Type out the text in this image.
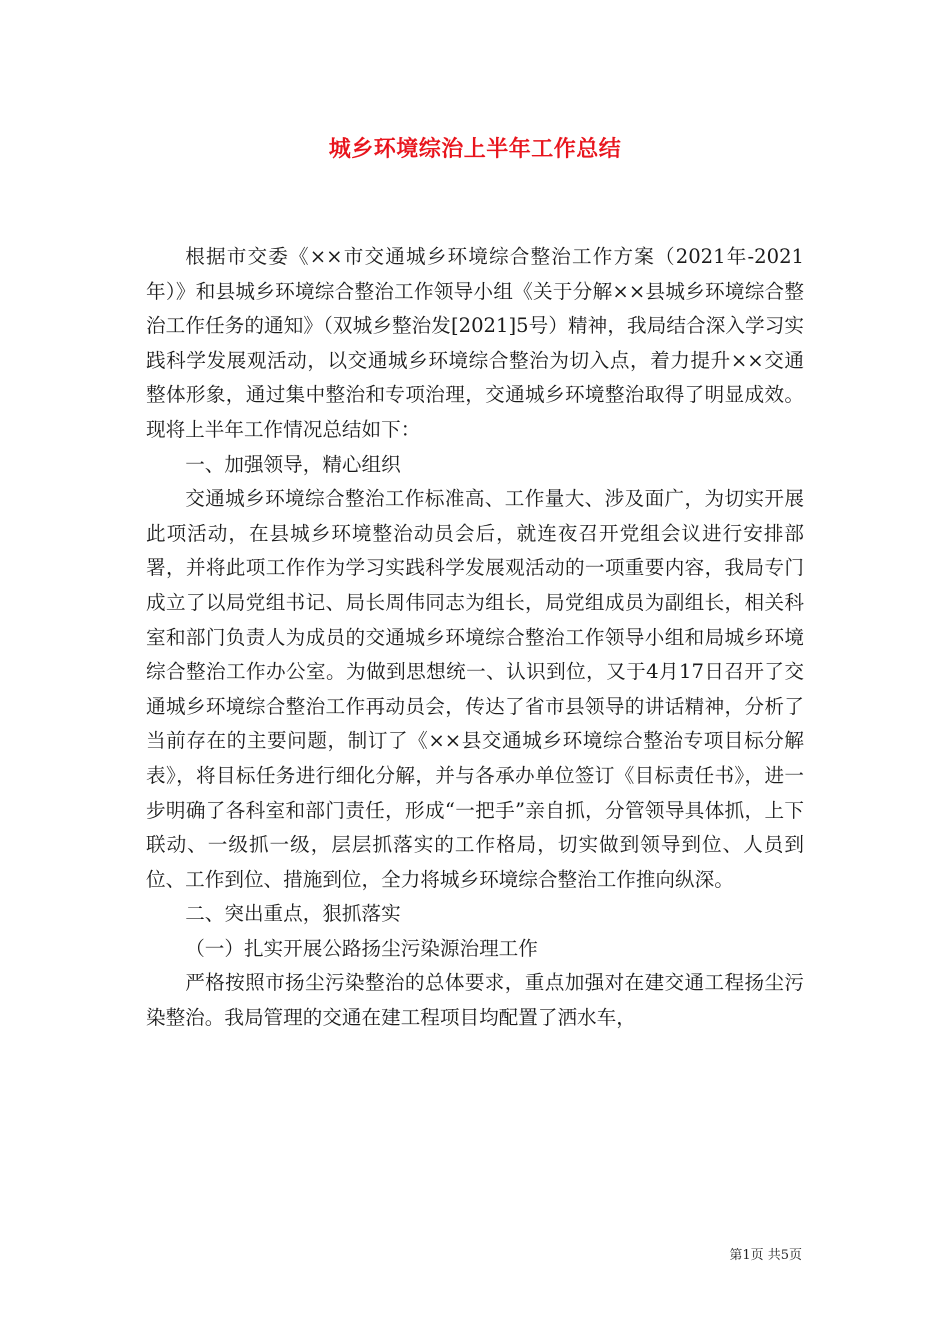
城乡环境综治上半年工作总结

根据市交委《××市交通城乡环境综合整治工作方案（2021年-2021年）》和县城乡环境综合整治工作领导小组《关于分解××县城乡环境综合整治工作任务的通知》（双城乡整治发[2021]5号）精神，我局结合深入学习实践科学发展观活动，以交通城乡环境综合整治为切入点，着力提升××交通整体形象，通过集中整治和专项治理，交通城乡环境整治取得了明显成效。现将上半年工作情况总结如下：

一、加强领导，精心组织

交通城乡环境综合整治工作标准高、工作量大、涉及面广，为切实开展此项活动，在县城乡环境整治动员会后，就连夜召开党组会议进行安排部署，并将此项工作作为学习实践科学发展观活动的一项重要内容，我局专门成立了以局党组书记、局长周伟同志为组长，局党组成员为副组长，相关科室和部门负责人为成员的交通城乡环境综合整治工作领导小组和局城乡环境综合整治工作办公室。为做到思想统一、认识到位，又于4月17日召开了交通城乡环境综合整治工作再动员会，传达了省市县领导的讲话精神，分析了当前存在的主要问题，制订了《××县交通城乡环境综合整治专项目标分解表》，将目标任务进行细化分解，并与各承办单位签订《目标责任书》，进一步明确了各科室和部门责任，形成“一把手”亲自抓，分管领导具体抓，上下联动、一级抓一级，层层抓落实的工作格局，切实做到领导到位、人员到位、工作到位、措施到位，全力将城乡环境综合整治工作推向纵深。

二、突出重点，狠抓落实

（一）扎实开展公路扬尘污染源治理工作

严格按照市扬尘污染整治的总体要求，重点加强对在建交通工程扬尘污染整治。我局管理的交通在建工程项目均配置了洒水车，

第1页 共5页
